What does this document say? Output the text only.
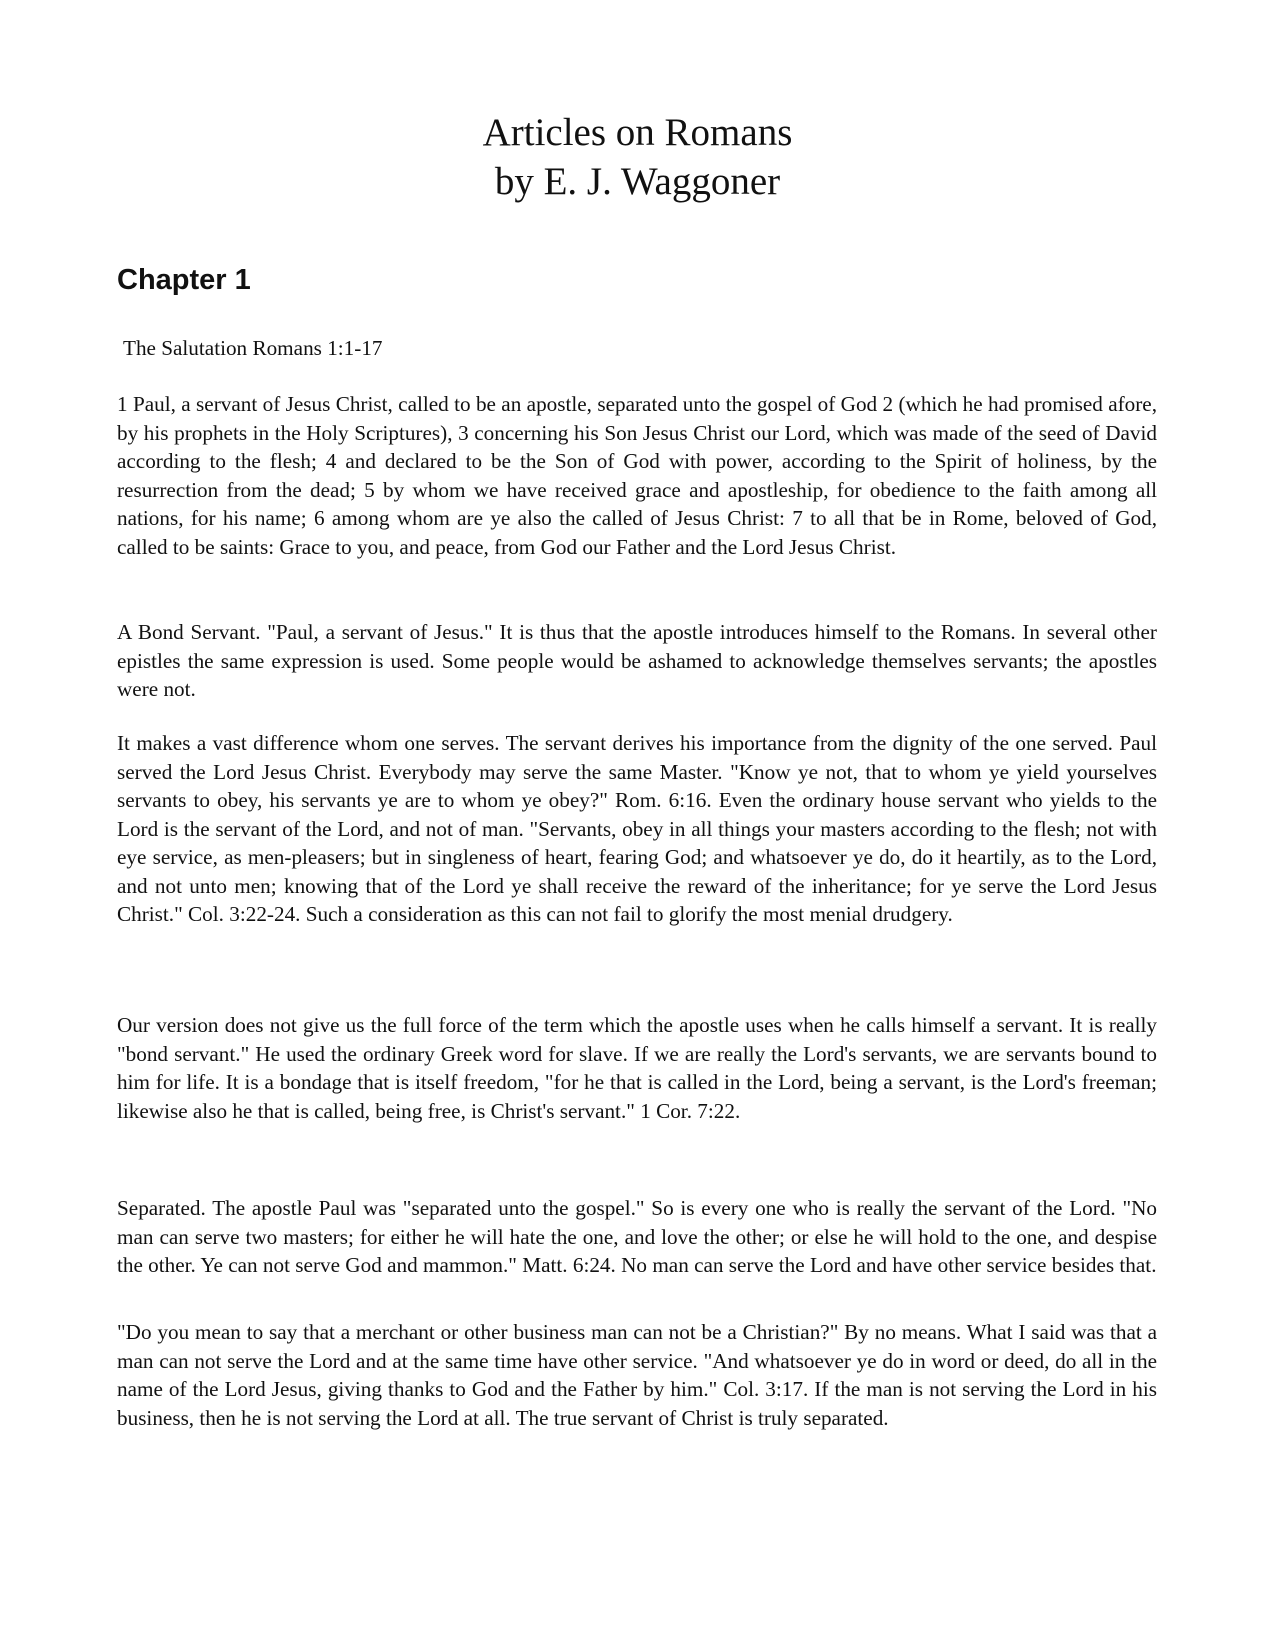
Articles on Romans
by E. J. Waggoner
Chapter 1

The Salutation Romans 1:1-17

1 Paul, a servant of Jesus Christ, called to be an apostle, separated unto the gospel of God 2 (which he had promised afore, by his prophets in the Holy Scriptures), 3 concerning his Son Jesus Christ our Lord, which was made of the seed of David according to the flesh; 4 and declared to be the Son of God with power, according to the Spirit of holiness, by the resurrection from the dead; 5 by whom we have received grace and apostleship, for obedience to the faith among all nations, for his name; 6 among whom are ye also the called of Jesus Christ: 7 to all that be in Rome, beloved of God, called to be saints: Grace to you, and peace, from God our Father and the Lord Jesus Christ.

A Bond Servant. "Paul, a servant of Jesus." It is thus that the apostle introduces himself to the Romans. In several other epistles the same expression is used. Some people would be ashamed to acknowledge themselves servants; the apostles were not.

It makes a vast difference whom one serves. The servant derives his importance from the dignity of the one served. Paul served the Lord Jesus Christ. Everybody may serve the same Master. "Know ye not, that to whom ye yield yourselves servants to obey, his servants ye are to whom ye obey?" Rom. 6:16. Even the ordinary house servant who yields to the Lord is the servant of the Lord, and not of man. "Servants, obey in all things your masters according to the flesh; not with eye service, as men-pleasers; but in singleness of heart, fearing God; and whatsoever ye do, do it heartily, as to the Lord, and not unto men; knowing that of the Lord ye shall receive the reward of the inheritance; for ye serve the Lord Jesus Christ." Col. 3:22-24. Such a consideration as this can not fail to glorify the most menial drudgery.

Our version does not give us the full force of the term which the apostle uses when he calls himself a servant. It is really "bond servant." He used the ordinary Greek word for slave. If we are really the Lord's servants, we are servants bound to him for life. It is a bondage that is itself freedom, "for he that is called in the Lord, being a servant, is the Lord's freeman; likewise also he that is called, being free, is Christ's servant." 1 Cor. 7:22.

Separated. The apostle Paul was "separated unto the gospel." So is every one who is really the servant of the Lord. "No man can serve two masters; for either he will hate the one, and love the other; or else he will hold to the one, and despise the other. Ye can not serve God and mammon." Matt. 6:24. No man can serve the Lord and have other service besides that.

"Do you mean to say that a merchant or other business man can not be a Christian?" By no means. What I said was that a man can not serve the Lord and at the same time have other service. "And whatsoever ye do in word or deed, do all in the name of the Lord Jesus, giving thanks to God and the Father by him." Col. 3:17. If the man is not serving the Lord in his business, then he is not serving the Lord at all. The true servant of Christ is truly separated.
